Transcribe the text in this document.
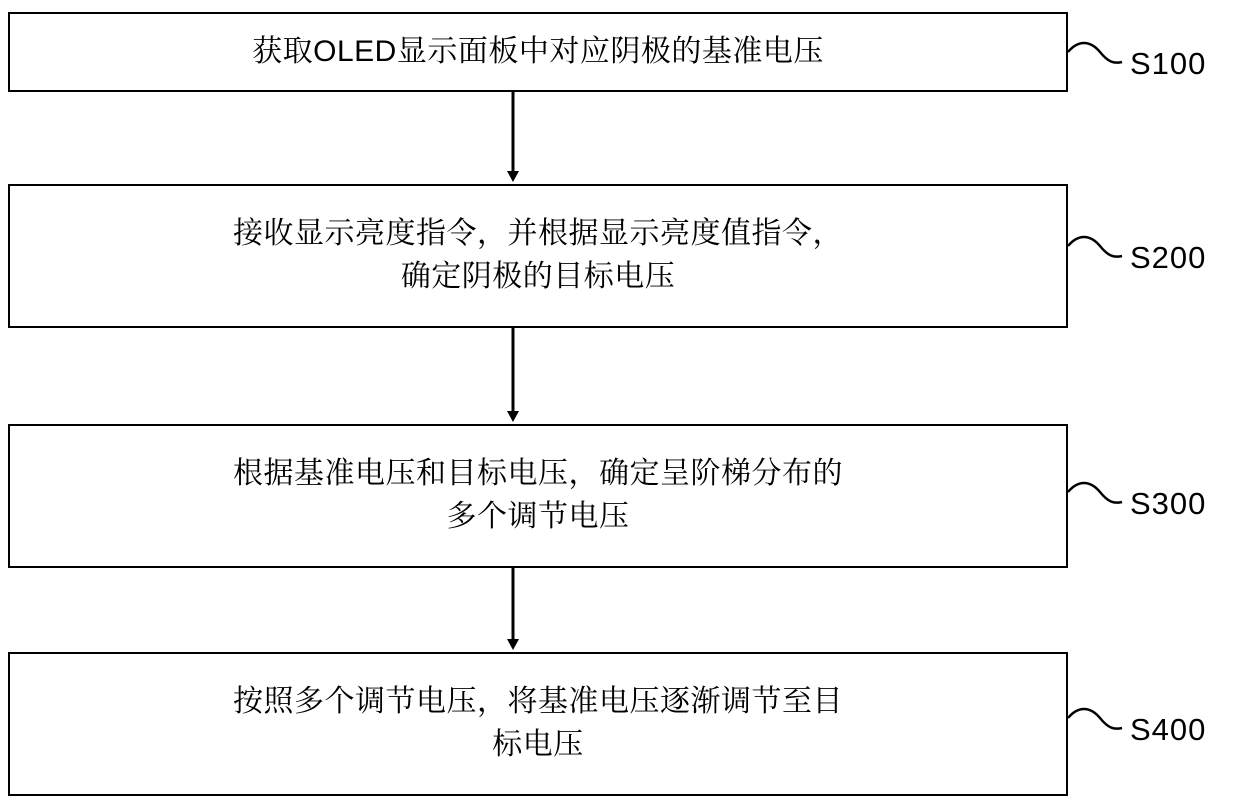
获取OLED显示面板中对应阴极的基准电压	S100
接收显示亮度指令，并根据显示亮度值指令，
确定阴极的目标电压
S200
根据基准电压和目标电压，确定呈阶梯分布的
多个调节电压	S300
按照多个调节电压，将基准电压逐渐调节至目
标电压	S400
